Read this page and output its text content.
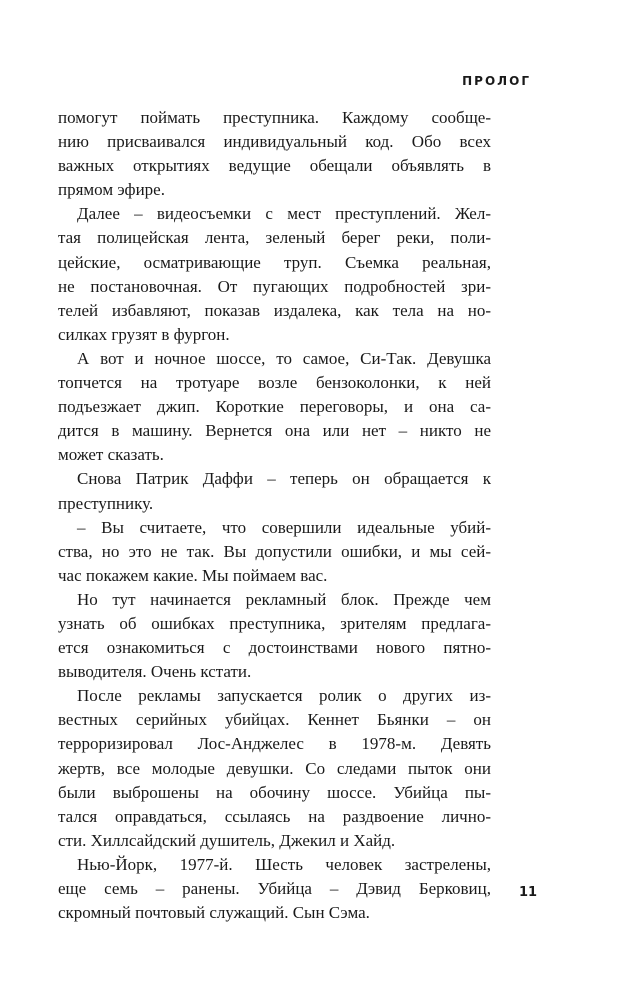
ПРОЛОГ
помогут поймать преступника. Каждому сообще-
нию присваивался индивидуальный код. Обо всех
важных открытиях ведущие обещали объявлять в
прямом эфире.
Далее – видеосъемки с мест преступлений. Жел-
тая полицейская лента, зеленый берег реки, поли-
цейские, осматривающие труп. Съемка реальная,
не постановочная. От пугающих подробностей зри-
телей избавляют, показав издалека, как тела на но-
силках грузят в фургон.
А вот и ночное шоссе, то самое, Си-Так. Девушка
топчется на тротуаре возле бензоколонки, к ней
подъезжает джип. Короткие переговоры, и она са-
дится в машину. Вернется она или нет – никто не
может сказать.
Снова Патрик Даффи – теперь он обращается к
преступнику.
– Вы считаете, что совершили идеальные убий-
ства, но это не так. Вы допустили ошибки, и мы сей-
час покажем какие. Мы поймаем вас.
Но тут начинается рекламный блок. Прежде чем
узнать об ошибках преступника, зрителям предлага-
ется ознакомиться с достоинствами нового пятно-
выводителя. Очень кстати.
После рекламы запускается ролик о других из-
вестных серийных убийцах. Кеннет Бьянки – он
терроризировал Лос-Анджелес в 1978-м. Девять
жертв, все молодые девушки. Со следами пыток они
были выброшены на обочину шоссе. Убийца пы-
тался оправдаться, ссылаясь на раздвоение лично-
сти. Хиллсайдский душитель, Джекил и Хайд.
Нью-Йорк, 1977-й. Шесть человек застрелены,
еще семь – ранены. Убийца – Дэвид Берковиц,
скромный почтовый служащий. Сын Сэма.
11
